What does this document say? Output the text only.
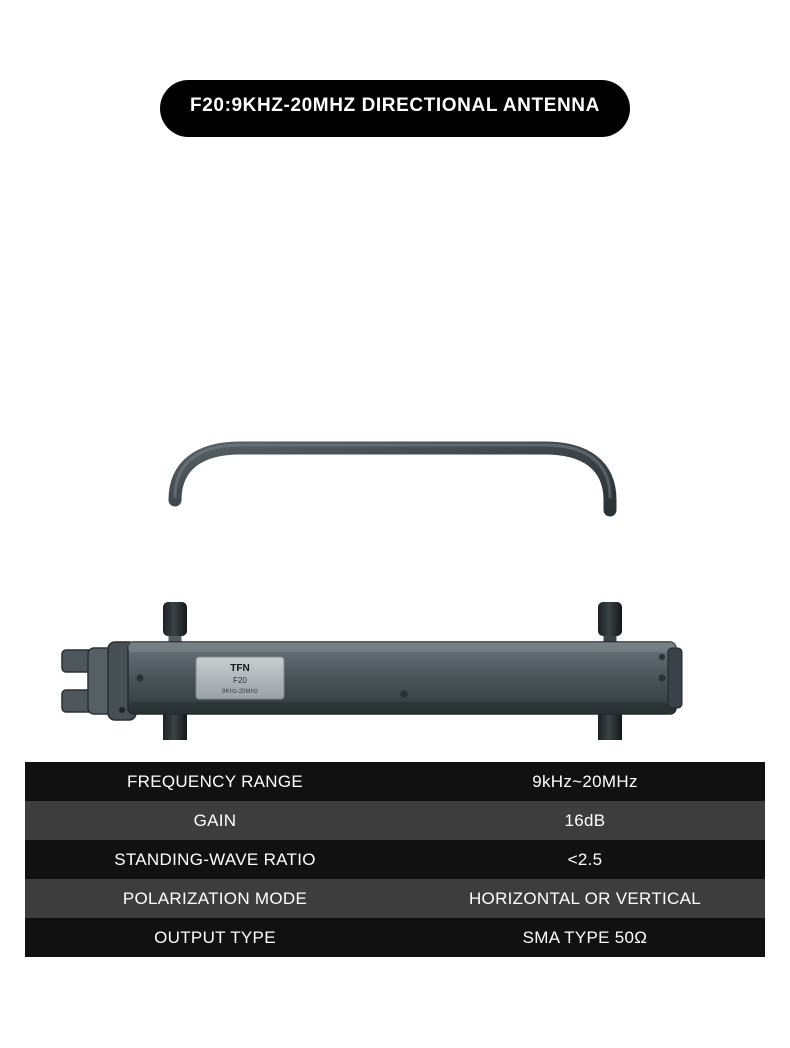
F20:9KHZ-20MHZ DIRECTIONAL ANTENNA
TFN
F20
9KHz-20MHz
FREQUENCY RANGE	9kHz~20MHz
GAIN	16dB
STANDING-WAVE RATIO	<2.5
POLARIZATION MODE	HORIZONTAL OR VERTICAL
OUTPUT TYPE	SMA TYPE 50Ω
